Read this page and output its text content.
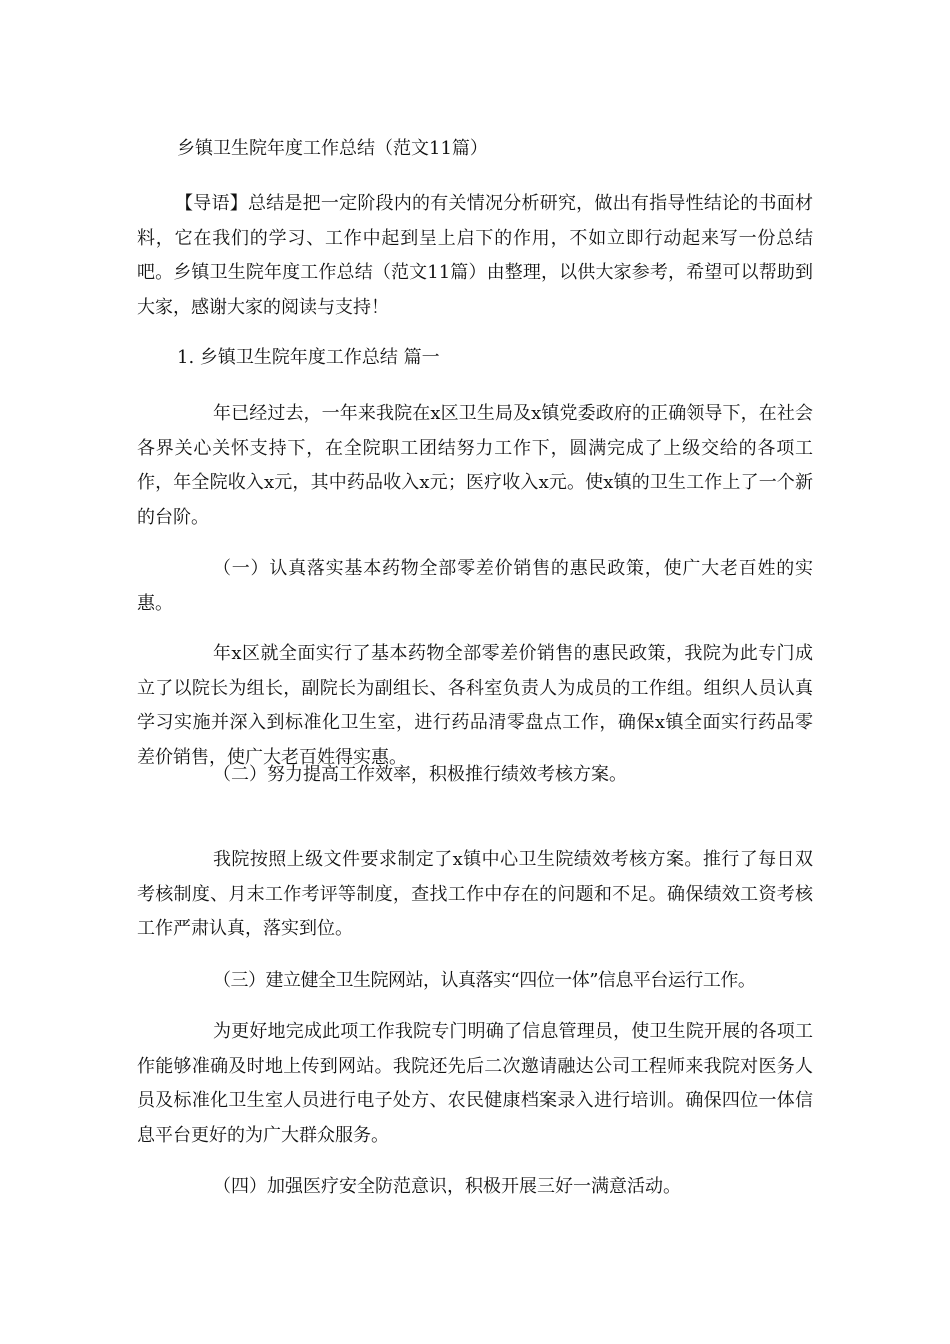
乡镇卫生院年度工作总结（范文11篇）
【导语】总结是把一定阶段内的有关情况分析研究，做出有指导性结论的书面材料，它在我们的学习、工作中起到呈上启下的作用，不如立即行动起来写一份总结吧。乡镇卫生院年度工作总结（范文11篇）由整理，以供大家参考，希望可以帮助到大家，感谢大家的阅读与支持！
1. 乡镇卫生院年度工作总结 篇一
年已经过去，一年来我院在x区卫生局及x镇党委政府的正确领导下，在社会各界关心关怀支持下，在全院职工团结努力工作下，圆满完成了上级交给的各项工作，年全院收入x元，其中药品收入x元；医疗收入x元。使x镇的卫生工作上了一个新的台阶。
（一）认真落实基本药物全部零差价销售的惠民政策，使广大老百姓的实惠。
年x区就全面实行了基本药物全部零差价销售的惠民政策，我院为此专门成立了以院长为组长，副院长为副组长、各科室负责人为成员的工作组。组织人员认真学习实施并深入到标准化卫生室，进行药品清零盘点工作，确保x镇全面实行药品零差价销售，使广大老百姓得实惠。
（二）努力提高工作效率，积极推行绩效考核方案。
我院按照上级文件要求制定了x镇中心卫生院绩效考核方案。推行了每日双考核制度、月末工作考评等制度，查找工作中存在的问题和不足。确保绩效工资考核工作严肃认真，落实到位。
（三）建立健全卫生院网站，认真落实“四位一体”信息平台运行工作。
为更好地完成此项工作我院专门明确了信息管理员，使卫生院开展的各项工作能够准确及时地上传到网站。我院还先后二次邀请融达公司工程师来我院对医务人员及标准化卫生室人员进行电子处方、农民健康档案录入进行培训。确保四位一体信息平台更好的为广大群众服务。
（四）加强医疗安全防范意识，积极开展三好一满意活动。
